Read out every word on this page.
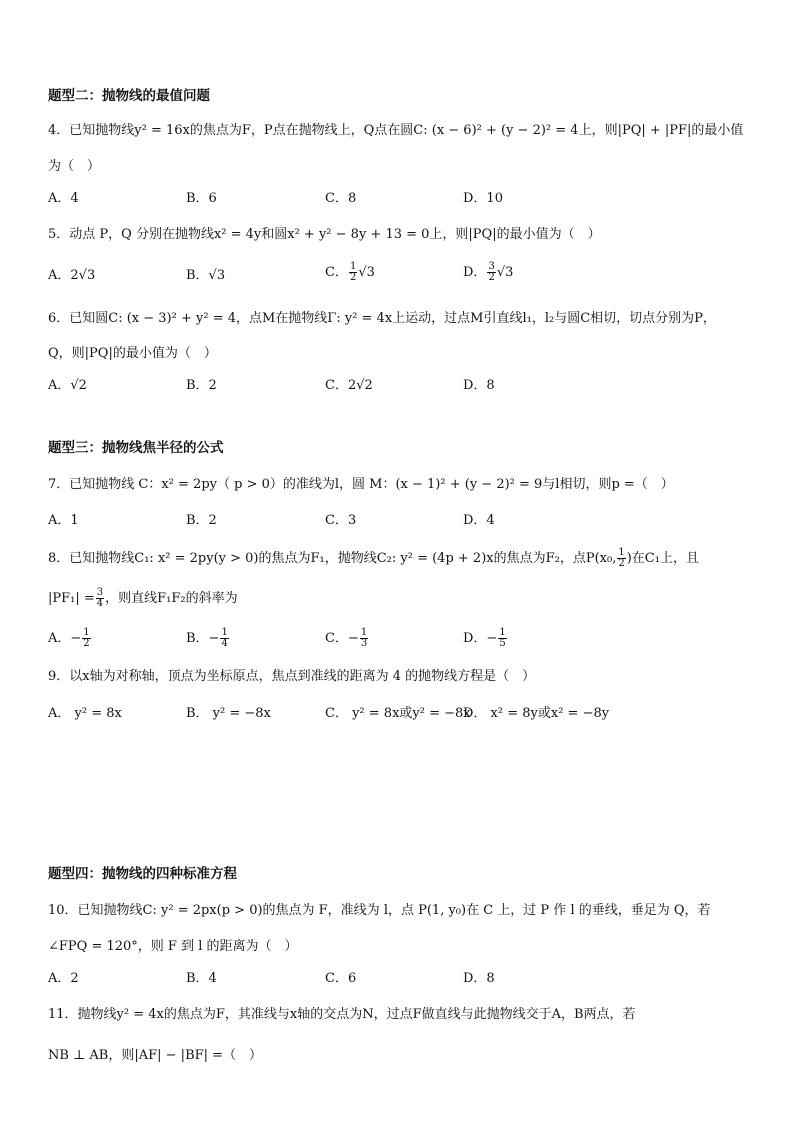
题型二：抛物线的最值问题
4．已知抛物线y² = 16x的焦点为F，P点在抛物线上，Q点在圆C: (x − 6)² + (y − 2)² = 4上，则|PQ| + |PF|的最小值
为（　）
A．4	B．6	C．8	D．10
5．动点 P，Q 分别在抛物线x² = 4y和圆x² + y² − 8y + 13 = 0上，则|PQ|的最小值为（　）
A．2√3	B．√3	C． $\frac{1}{2} √3$	D． $\frac{3}{2} √3$
6．已知圆C: (x − 3)² + y² = 4，点M在抛物线Γ: y² = 4x上运动，过点M引直线l₁，l₂与圆C相切，切点分别为P，
Q，则|PQ|的最小值为（　）
A．√2	B．2	C．2√2	D．8
题型三：抛物线焦半径的公式
7．已知抛物线 C：x² = 2py（ p > 0）的准线为l，圆 M：(x − 1)² + (y − 2)² = 9与l相切，则p =（　）
A．1	B．2	C．3	D．4
8．已知抛物线C₁: x² = 2py(y > 0)的焦点为F₁，抛物线C₂: y² = (4p + 2)x的焦点为F₂，点P(x₀, $\frac{1}{2}$ )在C₁上，且
$|PF_1| = \frac{3}{4}$ ，则直线F₁F₂的斜率为
A．− $\frac{1}{2}$	B．− $\frac{1}{4}$	C．− $\frac{1}{3}$	D．− $\frac{1}{5}$
9．以x轴为对称轴，顶点为坐标原点，焦点到准线的距离为 4 的抛物线方程是（　）
A． y² = 8x	B． y² = −8x	C． y² = 8x或y² = −8x
D． x² = 8y或x² = −8y
题型四：抛物线的四种标准方程
10．已知抛物线C: y² = 2px(p > 0)的焦点为 F，准线为 l，点 P(1, y₀)在 C 上，过 P 作 l 的垂线，垂足为 Q，若
∠FPQ = 120°，则 F 到 l 的距离为（　）
A．2	B．4	C．6	D．8
11．抛物线y² = 4x的焦点为F，其准线与x轴的交点为N，过点F做直线与此抛物线交于A，B两点，若
NB ⊥ AB，则|AF| − |BF| =（　）
